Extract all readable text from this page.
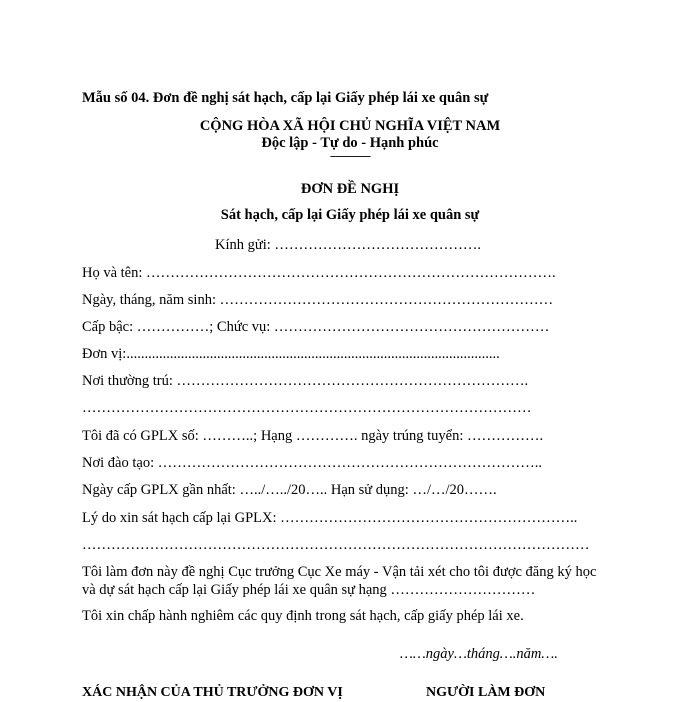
Mẫu số 04. Đơn đề nghị sát hạch, cấp lại Giấy phép lái xe quân sự
CỘNG HÒA XÃ HỘI CHỦ NGHĨA VIỆT NAM
Độc lập - Tự do - Hạnh phúc
---------------
ĐƠN ĐỀ NGHỊ
Sát hạch, cấp lại Giấy phép lái xe quân sự
Kính gửi: …………………………………….
Họ và tên: ………………………………………………………………………….
Ngày, tháng, năm sinh: ……………………………………………………………
Cấp bậc: ……………; Chức vụ: …………………………………………………
Đơn vị:.......................................................................................................
Nơi thường trú: ……………………………………………………………….
…………………………………………………………………………………
Tôi đã có GPLX số: ………..; Hạng …………. ngày trúng tuyển: …………….
Nơi đào tạo: ……………………………………………………………………..
Ngày cấp GPLX gần nhất: …../…../20….. Hạn sử dụng: …/…/20…….
Lý do xin sát hạch cấp lại GPLX: ……………………………………………………..
……………………………………………………………………………………………
Tôi làm đơn này đề nghị Cục trưởng Cục Xe máy - Vận tải xét cho tôi được đăng ký học
và dự sát hạch cấp lại Giấy phép lái xe quân sự hạng …………………………
Tôi xin chấp hành nghiêm các quy định trong sát hạch, cấp giấy phép lái xe.
……ngày…tháng….năm….
XÁC NHẬN CỦA THỦ TRƯỞNG ĐƠN VỊ	NGƯỜI LÀM ĐƠN
